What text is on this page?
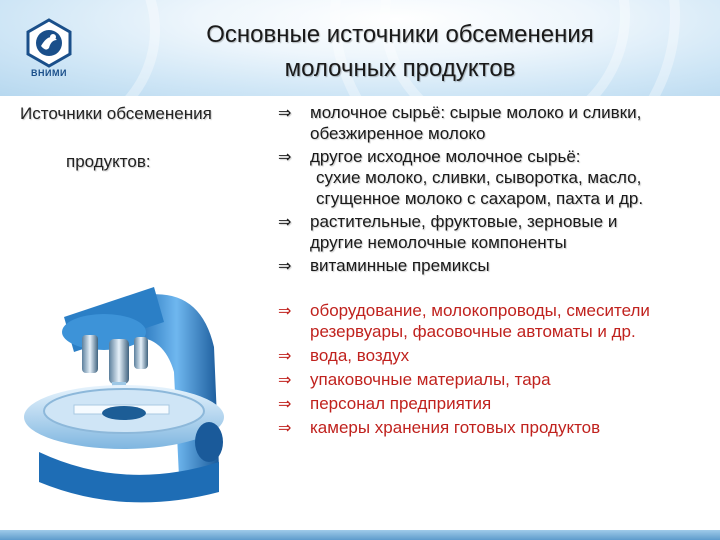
ВНИМИ
Основные источники обсеменения
молочных продуктов
Источники обсеменения
продуктов:
⇒ молочное сырьё: сырые молоко и сливки,
обезжиренное молоко
⇒ другое исходное молочное сырьё:
сухие молоко, сливки, сыворотка, масло,
сгущенное молоко с сахаром, пахта и др.
⇒ растительные, фруктовые, зерновые и
другие немолочные компоненты
⇒ витаминные премиксы
⇒ оборудование, молокопроводы, смесители
резервуары, фасовочные автоматы и др.
⇒ вода, воздух
⇒ упаковочные материалы, тара
⇒ персонал предприятия
⇒ камеры хранения готовых продуктов
